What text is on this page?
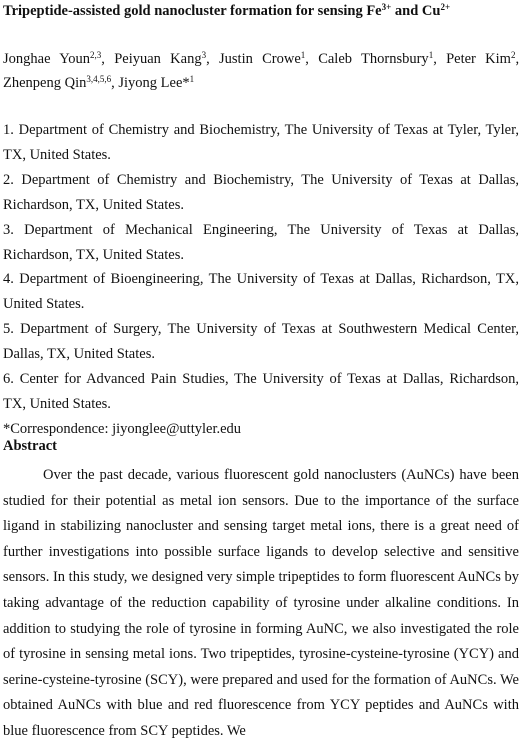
Tripeptide-assisted gold nanocluster formation for sensing $Fe^{3+}$ and $Cu^{2+}$
Jonghae Youn$^{2,3}$, Peiyuan Kang$^3$, Justin Crowe$^1$, Caleb Thornsbury$^1$, Peter Kim$^2$, Zhenpeng Qin$^{3,4,5,6}$, Jiyong Lee*$^1$
1. Department of Chemistry and Biochemistry, The University of Texas at Tyler, Tyler, TX, United States.
2. Department of Chemistry and Biochemistry, The University of Texas at Dallas, Richardson, TX, United States.
3. Department of Mechanical Engineering, The University of Texas at Dallas, Richardson, TX, United States.
4. Department of Bioengineering, The University of Texas at Dallas, Richardson, TX, United States.
5. Department of Surgery, The University of Texas at Southwestern Medical Center, Dallas, TX, United States.
6. Center for Advanced Pain Studies, The University of Texas at Dallas, Richardson, TX, United States.
*Correspondence: jiyonglee@uttyler.edu
Abstract

Over the past decade, various fluorescent gold nanoclusters (AuNCs) have been studied for their potential as metal ion sensors. Due to the importance of the surface ligand in stabilizing nanocluster and sensing target metal ions, there is a great need of further investigations into possible surface ligands to develop selective and sensitive sensors. In this study, we designed very simple tripeptides to form fluorescent AuNCs by taking advantage of the reduction capability of tyrosine under alkaline conditions. In addition to studying the role of tyrosine in forming AuNC, we also investigated the role of tyrosine in sensing metal ions. Two tripeptides, tyrosine-cysteine-tyrosine (YCY) and serine-cysteine-tyrosine (SCY), were prepared and used for the formation of AuNCs. We obtained AuNCs with blue and red fluorescence from YCY peptides and AuNCs with blue fluorescence from SCY peptides. We
